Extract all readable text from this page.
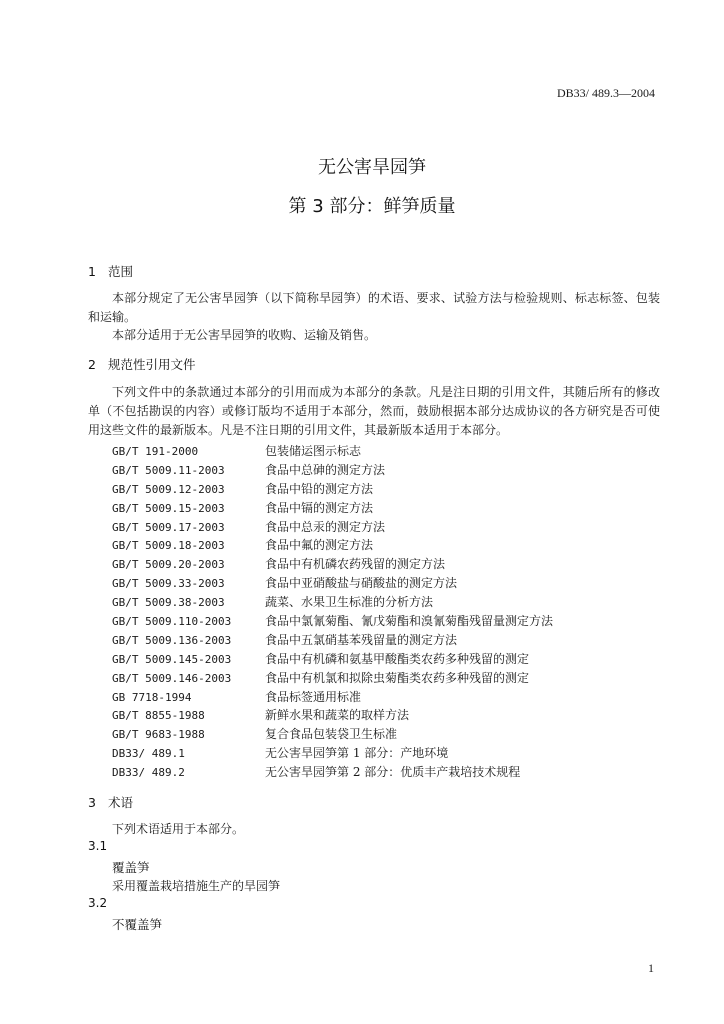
DB33/ 489.3—2004
无公害旱园笋
第 3 部分：鲜笋质量
1 范围
本部分规定了无公害旱园笋（以下简称旱园笋）的术语、要求、试验方法与检验规则、标志标签、包装和运输。
本部分适用于无公害旱园笋的收购、运输及销售。
2 规范性引用文件
下列文件中的条款通过本部分的引用而成为本部分的条款。凡是注日期的引用文件，其随后所有的修改单（不包括勘误的内容）或修订版均不适用于本部分，然而，鼓励根据本部分达成协议的各方研究是否可使用这些文件的最新版本。凡是不注日期的引用文件，其最新版本适用于本部分。
GB/T 191-2000	包装储运图示标志
GB/T 5009.11-2003	食品中总砷的测定方法
GB/T 5009.12-2003	食品中铅的测定方法
GB/T 5009.15-2003	食品中镉的测定方法
GB/T 5009.17-2003	食品中总汞的测定方法
GB/T 5009.18-2003	食品中氟的测定方法
GB/T 5009.20-2003	食品中有机磷农药残留的测定方法
GB/T 5009.33-2003	食品中亚硝酸盐与硝酸盐的测定方法
GB/T 5009.38-2003	蔬菜、水果卫生标准的分析方法
GB/T 5009.110-2003	食品中氯氰菊酯、氰戊菊酯和溴氰菊酯残留量测定方法
GB/T 5009.136-2003	食品中五氯硝基苯残留量的测定方法
GB/T 5009.145-2003	食品中有机磷和氨基甲酸酯类农药多种残留的测定
GB/T 5009.146-2003	食品中有机氯和拟除虫菊酯类农药多种残留的测定
GB 7718-1994	食品标签通用标准
GB/T 8855-1988	新鲜水果和蔬菜的取样方法
GB/T 9683-1988	复合食品包装袋卫生标准
DB33/ 489.1	无公害旱园笋第 1 部分：产地环境
DB33/ 489.2	无公害旱园笋第 2 部分：优质丰产栽培技术规程
3 术语
下列术语适用于本部分。
3.1
覆盖笋
采用覆盖栽培措施生产的旱园笋
3.2
不覆盖笋
1
